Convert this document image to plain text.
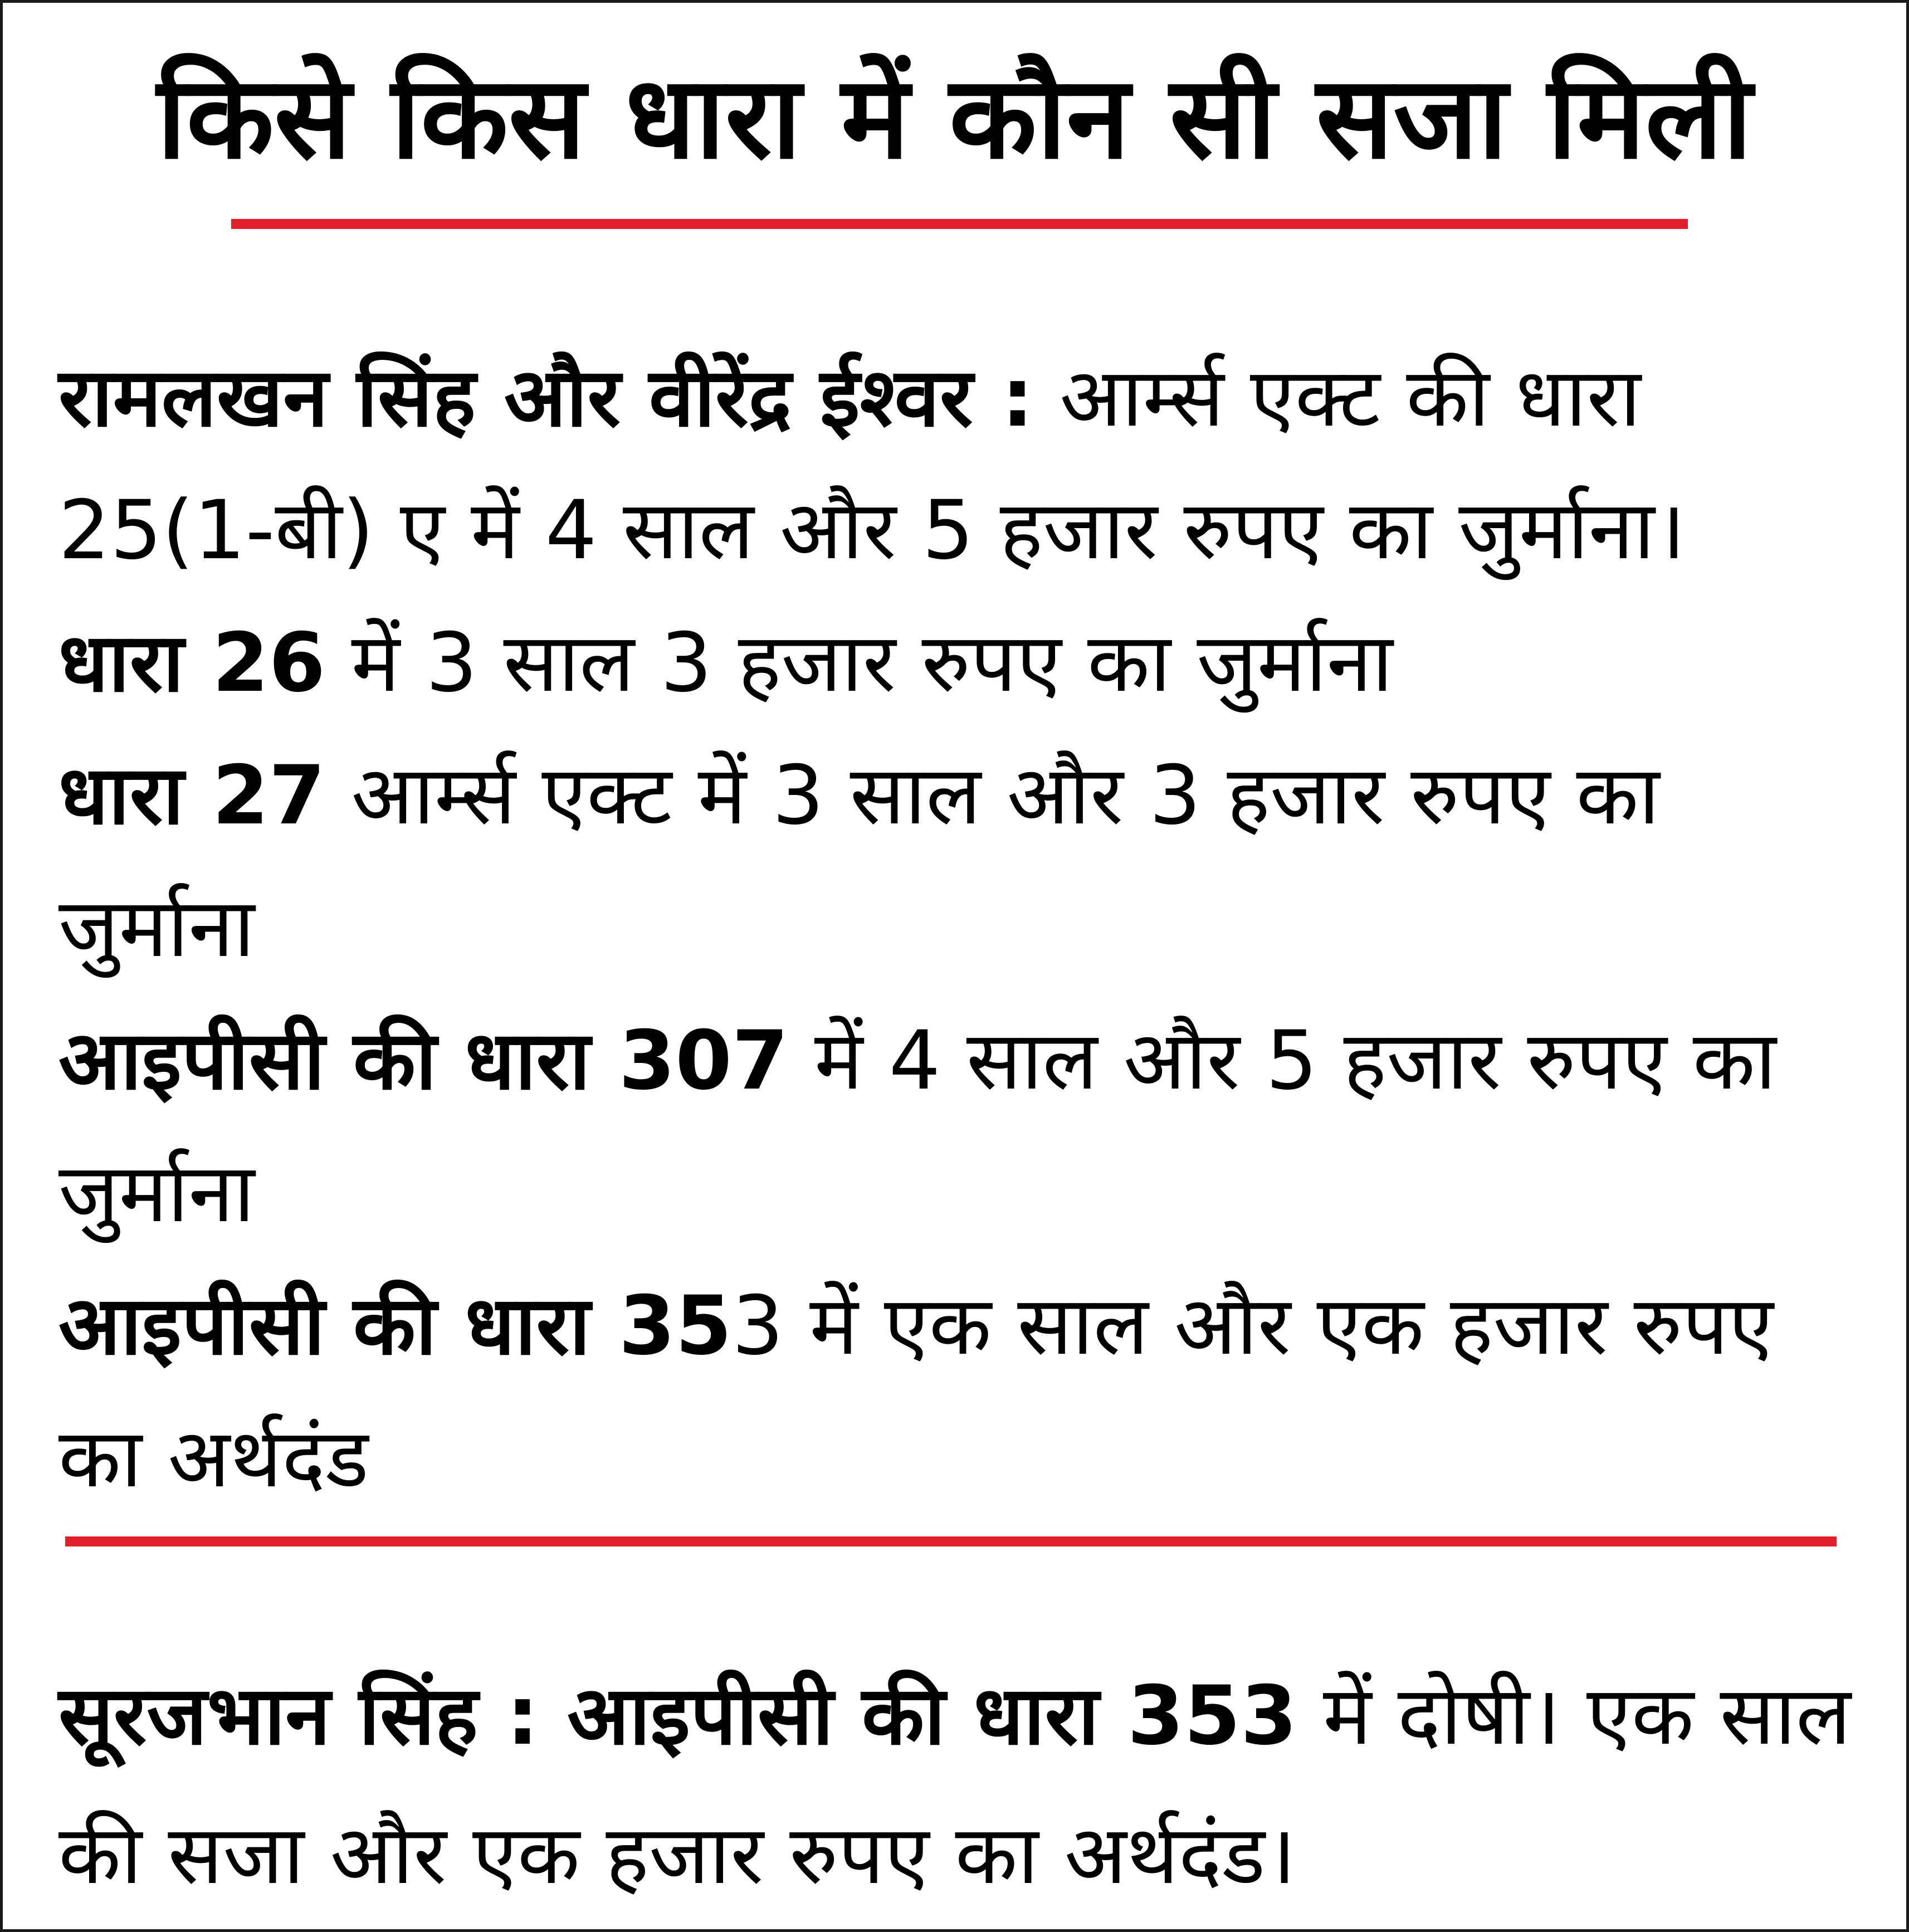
किसे किस धारा में कौन सी सजा मिली

रामलखन सिंह और वीरेंद्र ईश्वर : आर्म्स एक्ट की धारा 25(1-बी) ए में 4 साल और 5 हजार रुपए का जुर्माना।

धारा 26 में 3 साल 3 हजार रुपए का जुर्माना

धारा 27 आर्म्स एक्ट में 3 साल और 3 हजार रुपए का जुर्माना

आइपीसी की धारा 307 में 4 साल और 5 हजार रुपए का जुर्माना

आइपीसी की धारा 353 में एक साल और एक हजार रुपए का अर्थदंड

सूरजभान सिंह : आइपीसी की धारा 353 में दोषी। एक साल की सजा और एक हजार रुपए का अर्थदंड।
